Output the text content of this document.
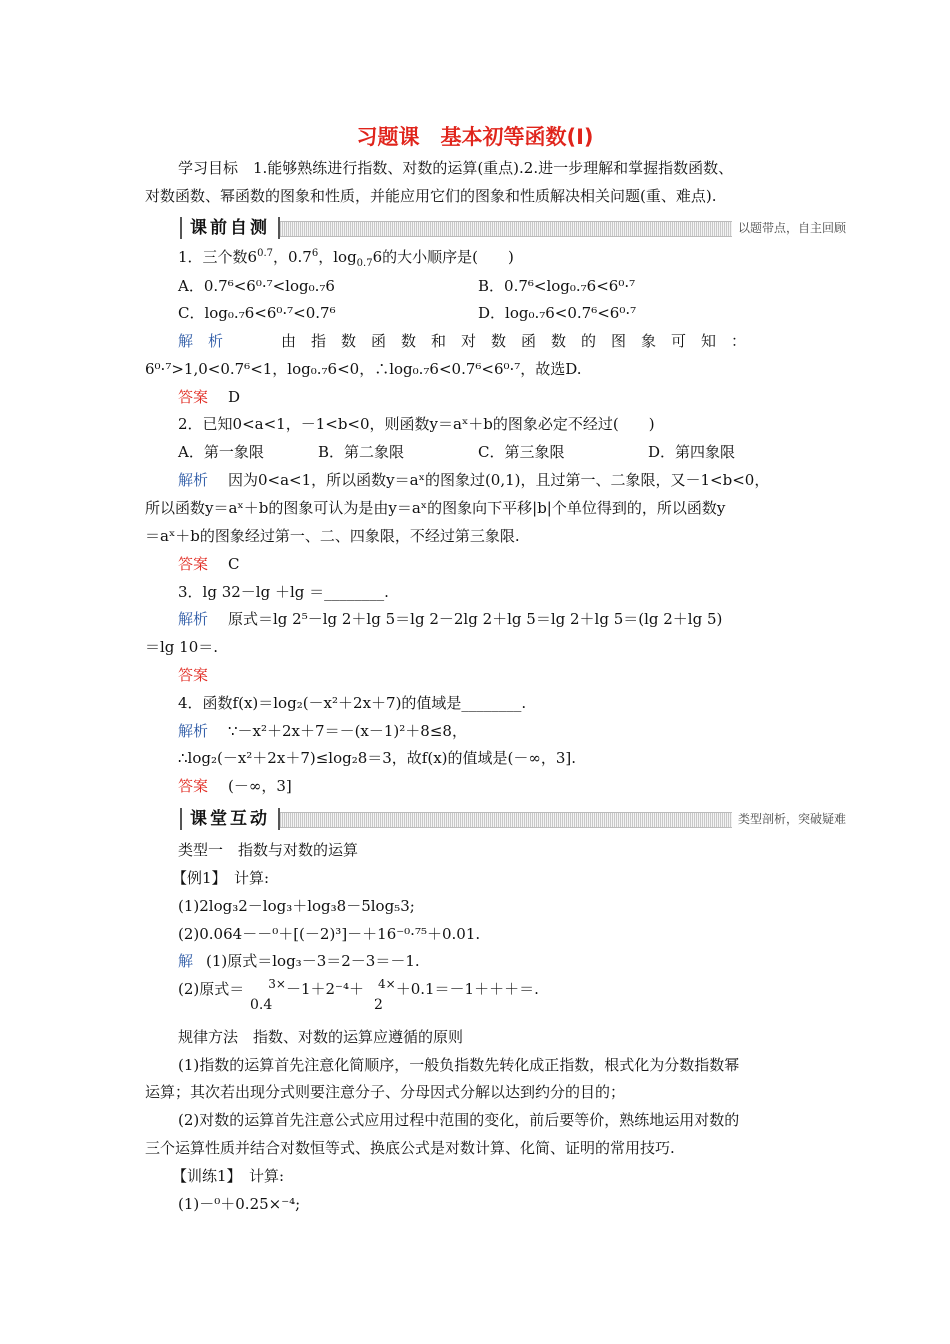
习题课　基本初等函数(Ⅰ)
学习目标　1.能够熟练进行指数、对数的运算(重点).2.进一步理解和掌握指数函数、
对数函数、幂函数的图象和性质，并能应用它们的图象和性质解决相关问题(重、难点).
课前自测	以题带点，自主回顾
1．三个数$6^{0.7}$，$0.7^6$，$\log_{0.7}6$的大小顺序是(　　)
A．0.7⁶<6⁰·⁷<log₀.₇6	B．0.7⁶<log₀.₇6<6⁰·⁷
C．log₀.₇6<6⁰·⁷<0.7⁶	D．log₀.₇6<0.7⁶<6⁰·⁷
解　析	由　指　数　函　数　和　对　数　函　数　的　图　象　可　知　：
6⁰·⁷>1,0<0.7⁶<1，log₀.₇6<0，∴log₀.₇6<0.7⁶<6⁰·⁷，故选D.
答案 D
2．已知0<a<1，－1<b<0，则函数y＝aˣ＋b的图象必定不经过(　　)
A．第一象限	B．第二象限	C．第三象限	D．第四象限
解析 因为0<a<1，所以函数y＝aˣ的图象过(0,1)，且过第一、二象限，又－1<b<0，
所以函数y＝aˣ＋b的图象可认为是由y＝aˣ的图象向下平移|b|个单位得到的，所以函数y
＝aˣ＋b的图象经过第一、二、四象限，不经过第三象限.
答案 C
3．lg 32－lg ＋lg ＝________.
解析 原式＝lg 2⁵－lg 2＋lg 5＝lg 2－2lg 2＋lg 5＝lg 2＋lg 5＝(lg 2＋lg 5)
＝lg 10＝.
答案
4．函数f(x)＝log₂(－x²＋2x＋7)的值域是________.
解析 ∵－x²＋2x＋7＝－(x－1)²＋8≤8，
∴log₂(－x²＋2x＋7)≤log₂8＝3，故f(x)的值域是(－∞，3].
答案 (－∞，3]
课堂互动	类型剖析，突破疑难
类型一　指数与对数的运算
【例1】　计算:
(1)2log₃2－log₃＋log₃8－5log₅3;
(2)0.064－－⁰＋[(－2)³]－＋16⁻⁰·⁷⁵＋0.01.
解 (1)原式＝log₃－3＝2－3＝－1.
(2)原式＝ $^{3\times}$－1＋2⁻⁴＋ $^{4\times}$＋0.1＝－1＋＋＋＝.
0.4	2
规律方法　指数、对数的运算应遵循的原则
(1)指数的运算首先注意化简顺序，一般负指数先转化成正指数，根式化为分数指数幂
运算；其次若出现分式则要注意分子、分母因式分解以达到约分的目的；
(2)对数的运算首先注意公式应用过程中范围的变化，前后要等价，熟练地运用对数的
三个运算性质并结合对数恒等式、换底公式是对数计算、化简、证明的常用技巧.
【训练1】　计算:
(1)－⁰＋0.25×⁻⁴;
